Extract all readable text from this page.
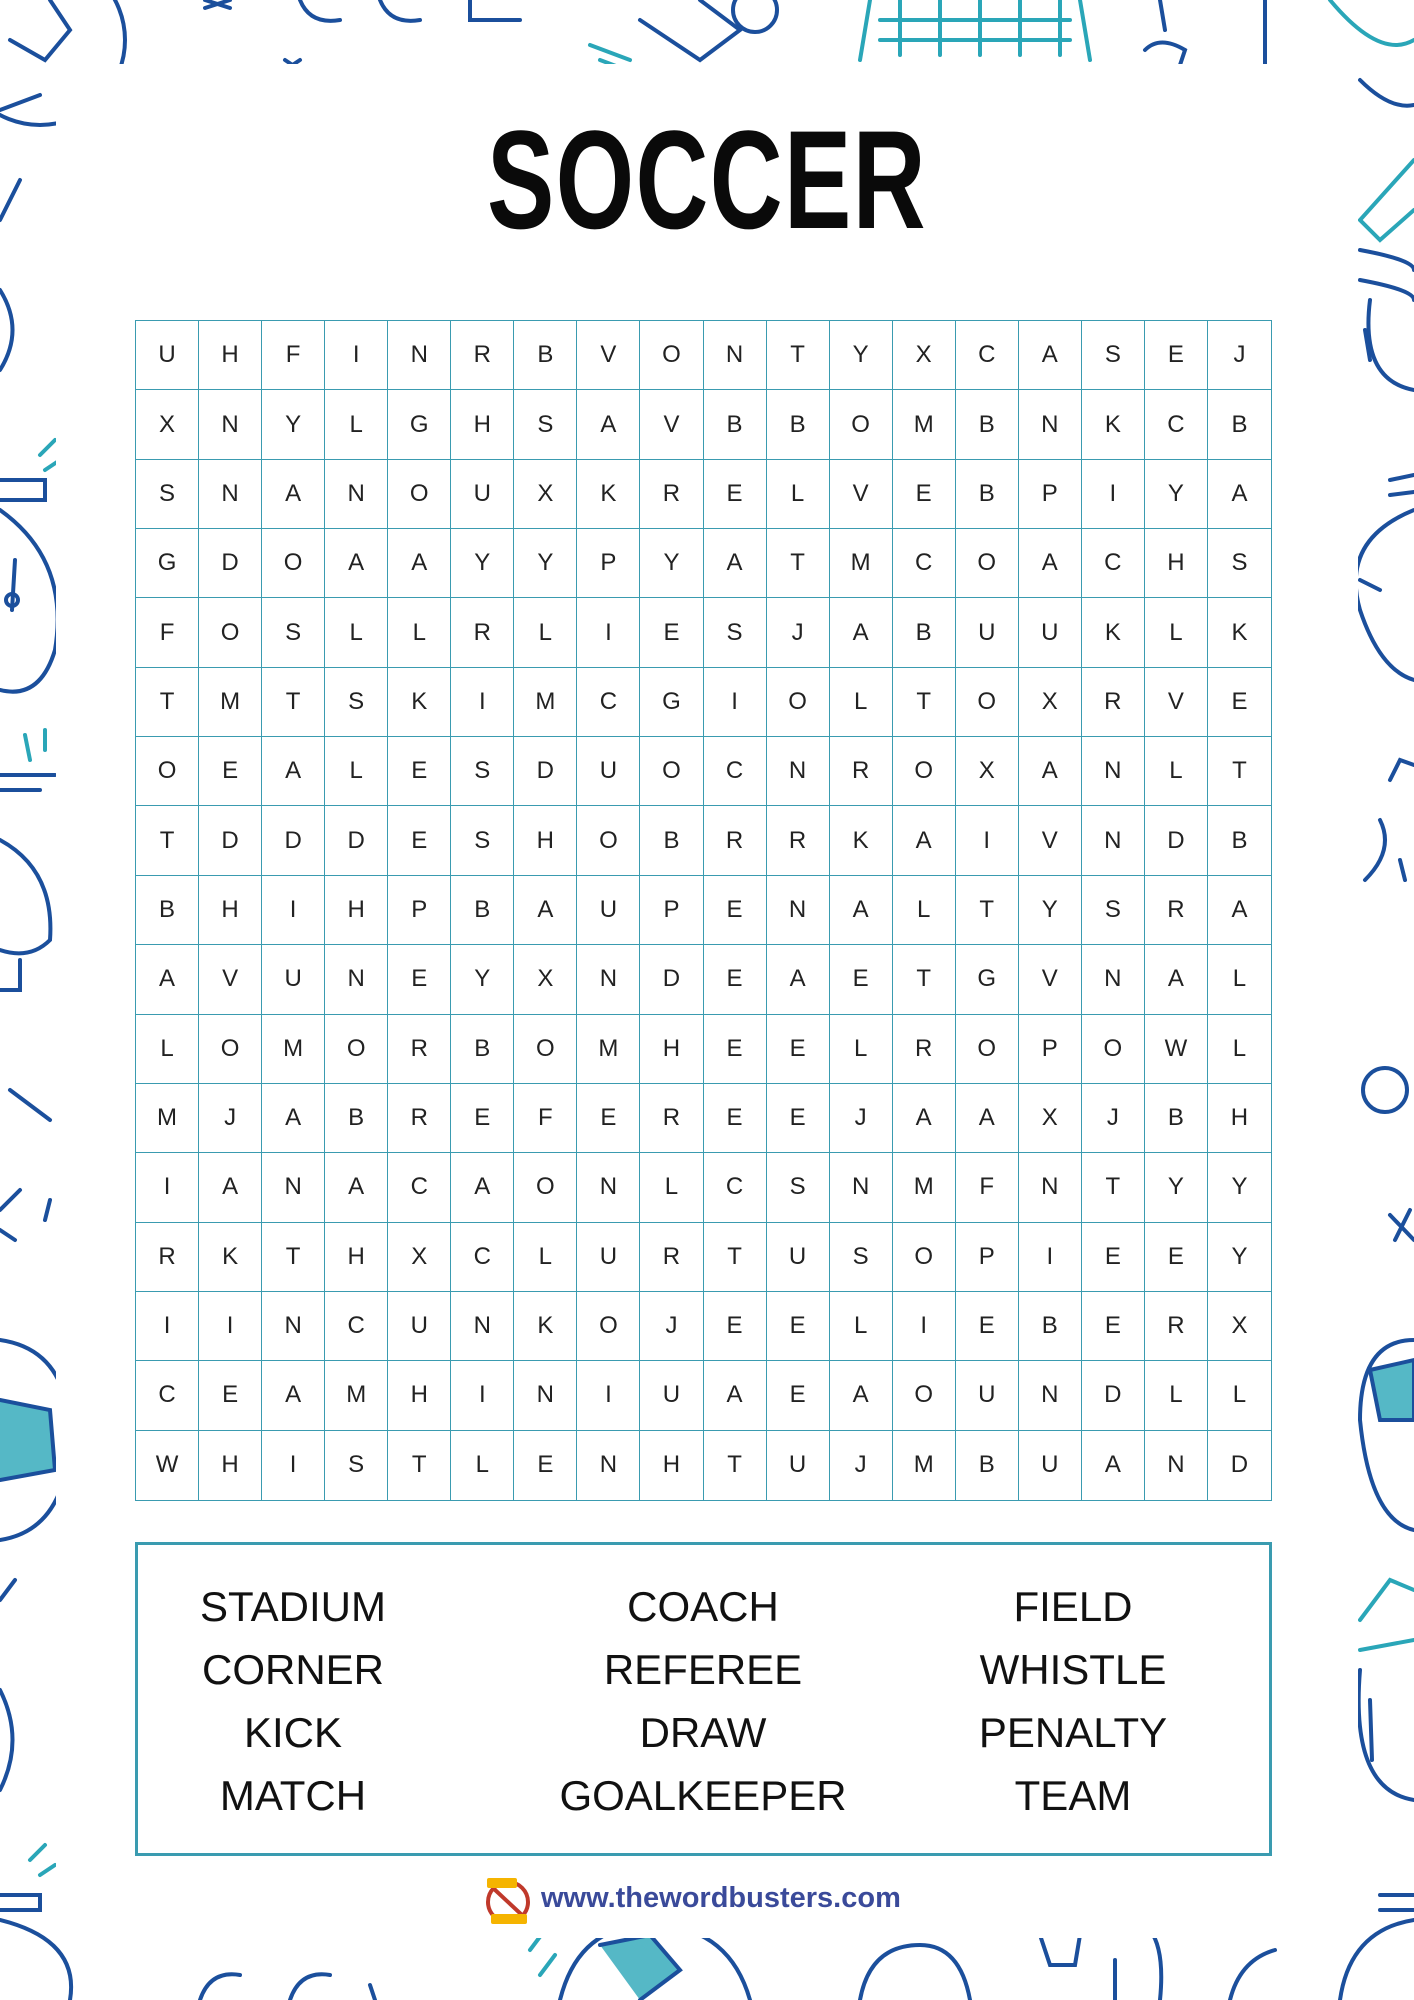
SOCCER
U	H	F	I	N	R	B	V	O	N	T	Y	X	C	A	S	E	J
X	N	Y	L	G	H	S	A	V	B	B	O	M	B	N	K	C	B
S	N	A	N	O	U	X	K	R	E	L	V	E	B	P	I	Y	A
G	D	O	A	A	Y	Y	P	Y	A	T	M	C	O	A	C	H	S
F	O	S	L	L	R	L	I	E	S	J	A	B	U	U	K	L	K
T	M	T	S	K	I	M	C	G	I	O	L	T	O	X	R	V	E
O	E	A	L	E	S	D	U	O	C	N	R	O	X	A	N	L	T
T	D	D	D	E	S	H	O	B	R	R	K	A	I	V	N	D	B
B	H	I	H	P	B	A	U	P	E	N	A	L	T	Y	S	R	A
A	V	U	N	E	Y	X	N	D	E	A	E	T	G	V	N	A	L
L	O	M	O	R	B	O	M	H	E	E	L	R	O	P	O	W	L
M	J	A	B	R	E	F	E	R	E	E	J	A	A	X	J	B	H
I	A	N	A	C	A	O	N	L	C	S	N	M	F	N	T	Y	Y
R	K	T	H	X	C	L	U	R	T	U	S	O	P	I	E	E	Y
I	I	N	C	U	N	K	O	J	E	E	L	I	E	B	E	R	X
C	E	A	M	H	I	N	I	U	A	E	A	O	U	N	D	L	L
W	H	I	S	T	L	E	N	H	T	U	J	M	B	U	A	N	D
STADIUM
CORNER
KICK
MATCH
COACH
REFEREE
DRAW
GOALKEEPER
FIELD
WHISTLE
PENALTY
TEAM
www.thewordbusters.com
